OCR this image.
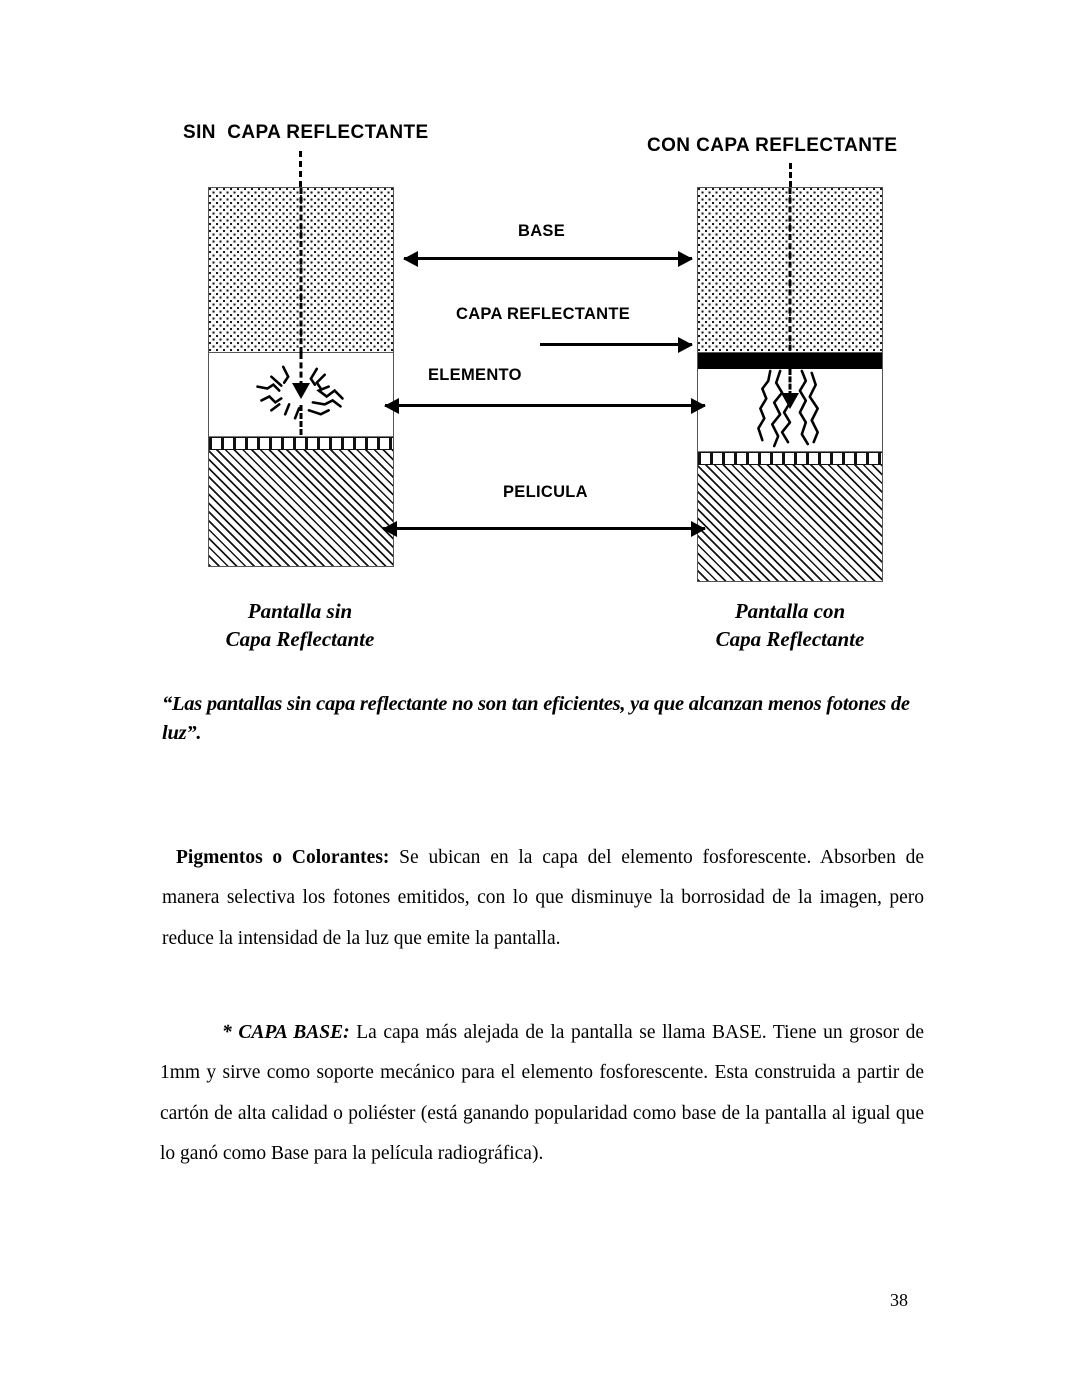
SIN  CAPA REFLECTANTE
CON CAPA REFLECTANTE
BASE
CAPA REFLECTANTE
ELEMENTO
PELICULA
Pantalla sin
Capa Reflectante
Pantalla con
Capa Reflectante
“Las pantallas sin capa reflectante no son tan eficientes, ya que alcanzan menos fotones de luz”.

Pigmentos o Colorantes: Se ubican en la capa del elemento fosforescente. Absorben de manera selectiva los fotones emitidos, con lo que disminuye la borrosidad de la imagen, pero reduce la intensidad de la luz que emite la pantalla.

* CAPA BASE: La capa más alejada de la pantalla se llama BASE. Tiene un grosor de 1mm y sirve como soporte mecánico para el elemento fosforescente. Esta construida a partir de cartón de alta calidad o poliéster (está ganando popularidad como base de la pantalla al igual que lo ganó como Base para la película radiográfica).

38
